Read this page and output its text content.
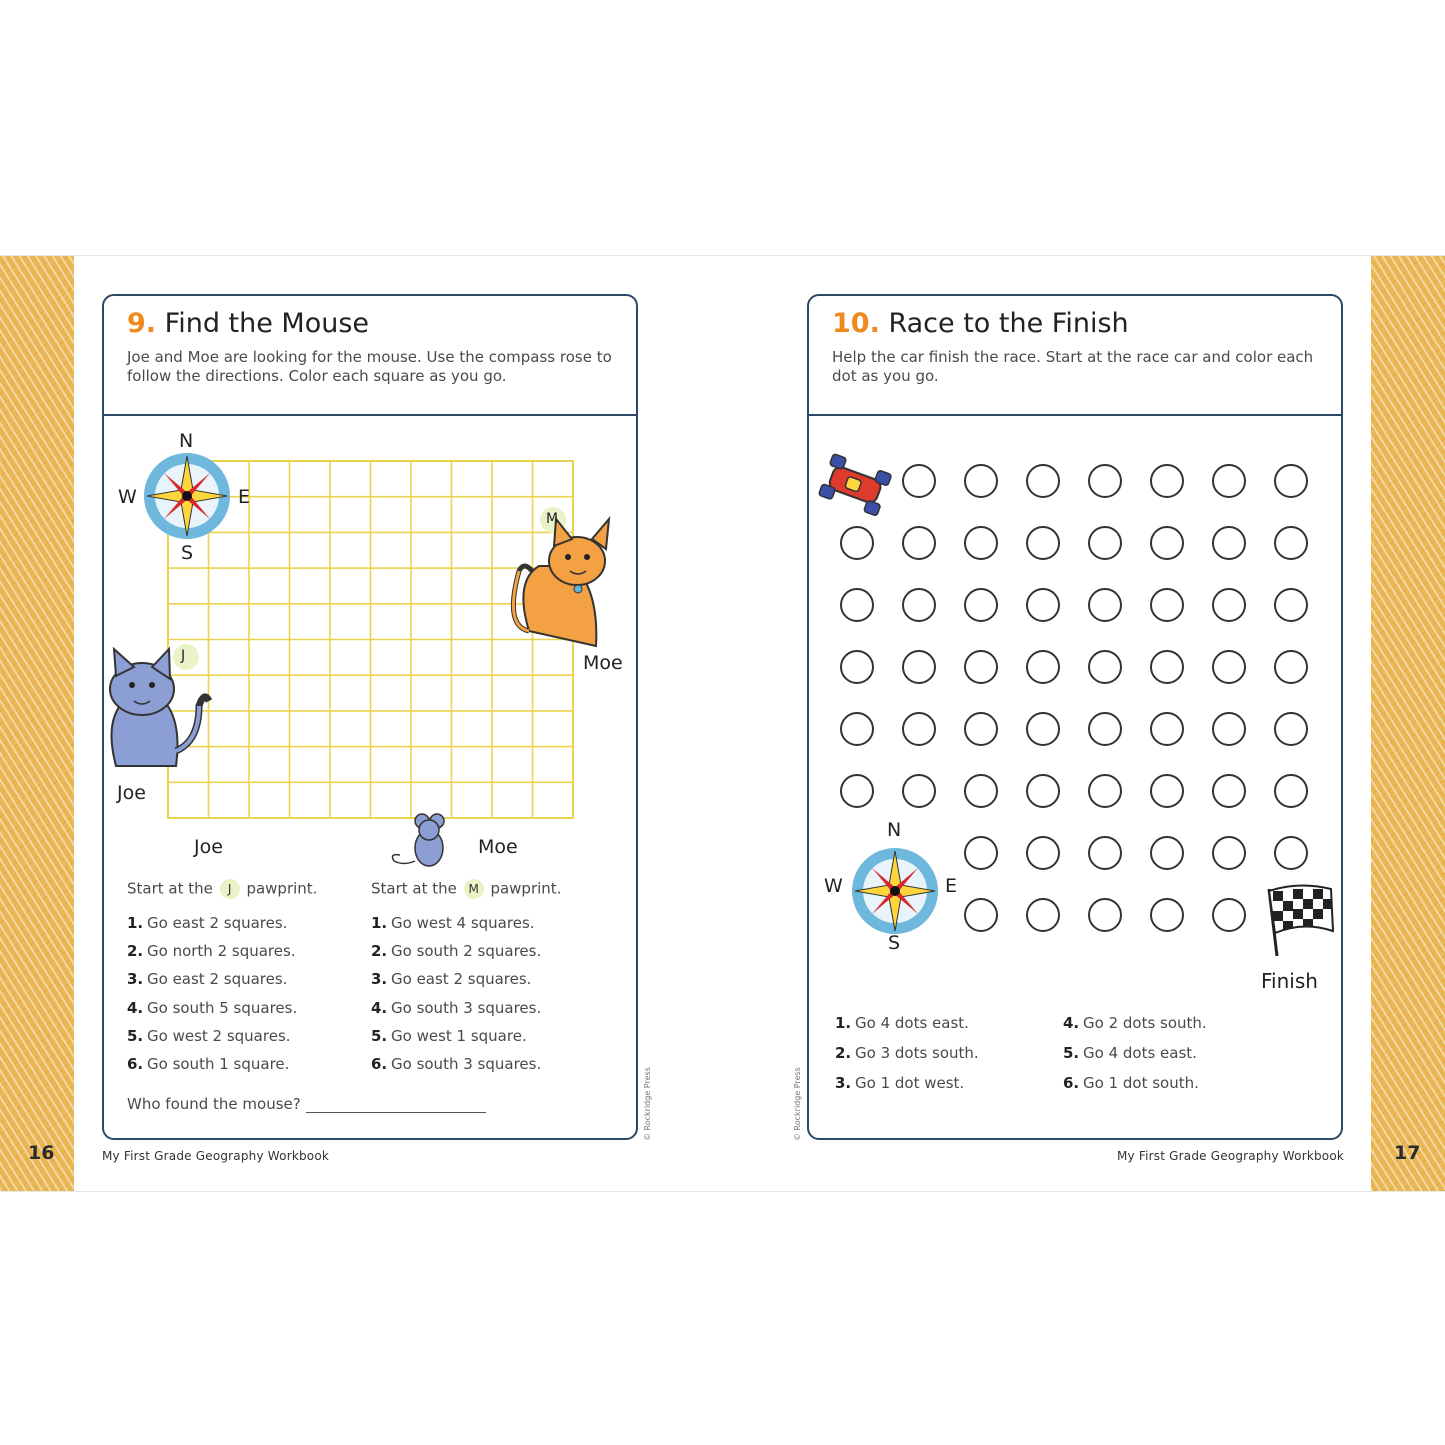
16	My First Grade Geography Workbook
© Rockridge Press
9. Find the Mouse
Joe and Moe are looking for the mouse. Use the compass rose to follow the directions. Color each square as you go.
N
S
E
W
M
J	Moe
Joe
Joe	Moe
Start at the J pawprint.	Start at the M pawprint.
1. Go east 2 squares.
2. Go north 2 squares.
3. Go east 2 squares.
4. Go south 5 squares.
5. Go west 2 squares.
6. Go south 1 square.
1. Go west 4 squares.
2. Go south 2 squares.
3. Go east 2 squares.
4. Go south 3 squares.
5. Go west 1 square.
6. Go south 3 squares.
Who found the mouse?
17
My First Grade Geography Workbook
© Rockridge Press
10. Race to the Finish
Help the car finish the race. Start at the race car and color each dot as you go.
N
S
E
W
Finish
1. Go 4 dots east.
2. Go 3 dots south.
3. Go 1 dot west.
4. Go 2 dots south.
5. Go 4 dots east.
6. Go 1 dot south.
